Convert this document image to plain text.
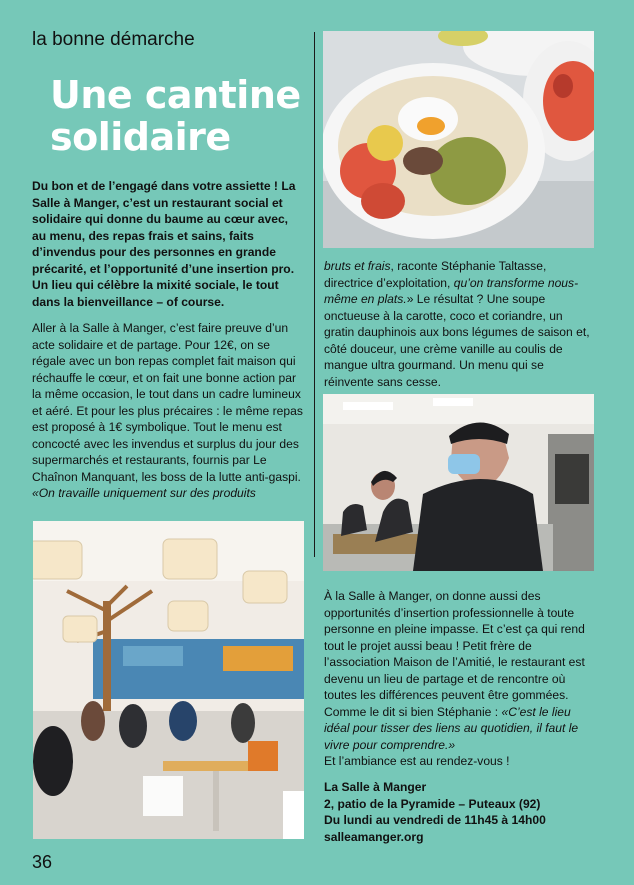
la bonne démarche
Une cantine
solidaire

Du bon et de l’engagé dans votre assiette ! La Salle à Manger, c’est un restaurant social et solidaire qui donne du baume au cœur avec, au menu, des repas frais et sains, faits d’invendus pour des personnes en grande précarité, et l’opportunité d’une insertion pro. Un lieu qui célèbre la mixité sociale, le tout dans la bienveillance – of course.

Aller à la Salle à Manger, c’est faire preuve d’un acte solidaire et de partage. Pour 12€, on se régale avec un bon repas complet fait maison qui réchauffe le cœur, et on fait une bonne action par la même occasion, le tout dans un cadre lumineux et aéré. Et pour les plus précaires : le même repas est proposé à 1€ symbolique. Tout le menu est concocté avec les invendus et surplus du jour des supermarchés et restaurants, fournis par Le Chaînon Manquant, les boss de la lutte anti-gaspi. «On travaille uniquement sur des produits

bruts et frais, raconte Stéphanie Taltasse, directrice d’exploitation, qu’on transforme nous-même en plats.» Le résultat ? Une soupe onctueuse à la carotte, coco et coriandre, un gratin dauphinois aux bons légumes de saison et, côté douceur, une crème vanille au coulis de mangue ultra gourmand. Un menu qui se réinvente sans cesse.

À la Salle à Manger, on donne aussi des opportunités d’insertion professionnelle à toute personne en pleine impasse. Et c’est ça qui rend tout le projet aussi beau ! Petit frère de l’association Maison de l’Amitié, le restaurant est devenu un lieu de partage et de rencontre où toutes les différences peuvent être gommées. Comme le dit si bien Stéphanie : «C’est le lieu idéal pour tisser des liens au quotidien, il faut le vivre pour comprendre.»
Et l’ambiance est au rendez-vous !

La Salle à Manger
2, patio de la Pyramide – Puteaux (92)
Du lundi au vendredi de 11h45 à 14h00
salleamanger.org
36
